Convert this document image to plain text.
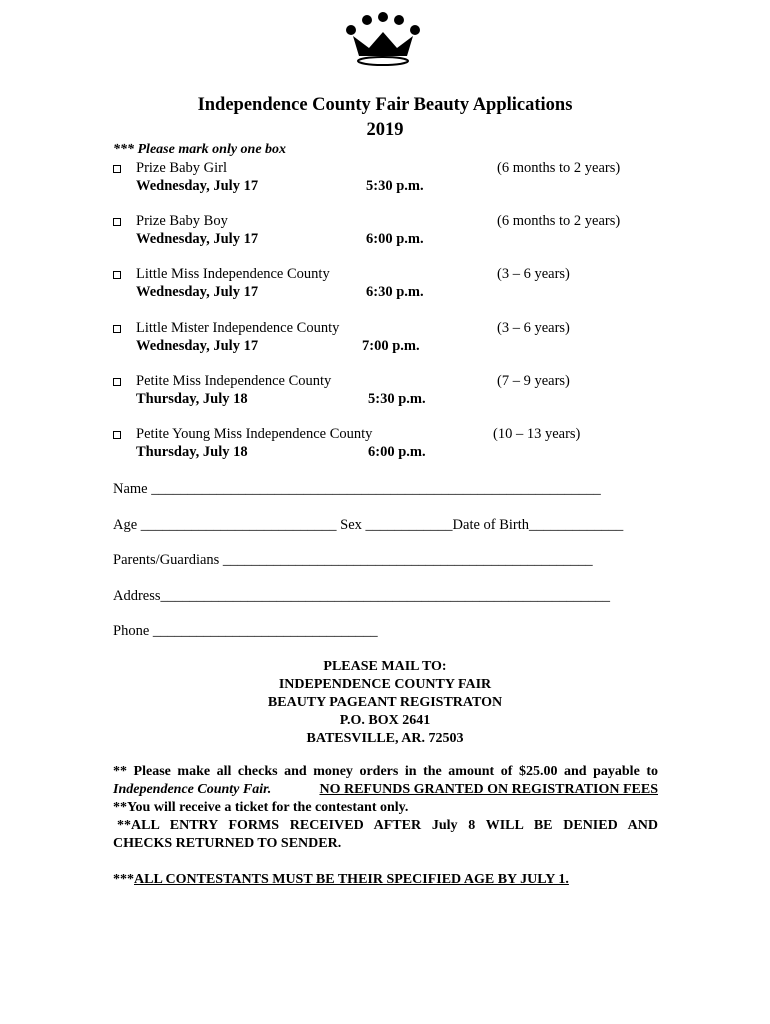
Independence County Fair Beauty Applications
2019
*** Please mark only one box
Prize Baby Girl	(6 months to 2 years)
Wednesday, July 17	5:30 p.m.
Prize Baby Boy	(6 months to 2 years)
Wednesday, July 17	6:00 p.m.
Little Miss Independence County	(3 – 6 years)
Wednesday, July 17	6:30 p.m.
Little Mister Independence County	(3 – 6 years)
Wednesday, July 17	7:00 p.m.
Petite Miss Independence County	(7 – 9 years)
Thursday, July 18	5:30 p.m.
Petite Young Miss Independence County	(10 – 13 years)
Thursday, July 18	6:00 p.m.
Name ______________________________________________________________
Age ___________________________ Sex ____________Date of Birth_____________
Parents/Guardians ___________________________________________________
Address______________________________________________________________
Phone _______________________________
PLEASE MAIL TO:
INDEPENDENCE COUNTY FAIR
BEAUTY PAGEANT REGISTRATON
P.O. BOX 2641
BATESVILLE, AR. 72503
** Please make all checks and money orders in the amount of $25.00 and payable to
Independence County Fair.	NO REFUNDS GRANTED ON REGISTRATION FEES
**You will receive a ticket for the contestant only.
**ALL ENTRY FORMS RECEIVED AFTER July 8 WILL BE DENIED AND
CHECKS RETURNED TO SENDER.
***ALL CONTESTANTS MUST BE THEIR SPECIFIED AGE BY JULY 1.
